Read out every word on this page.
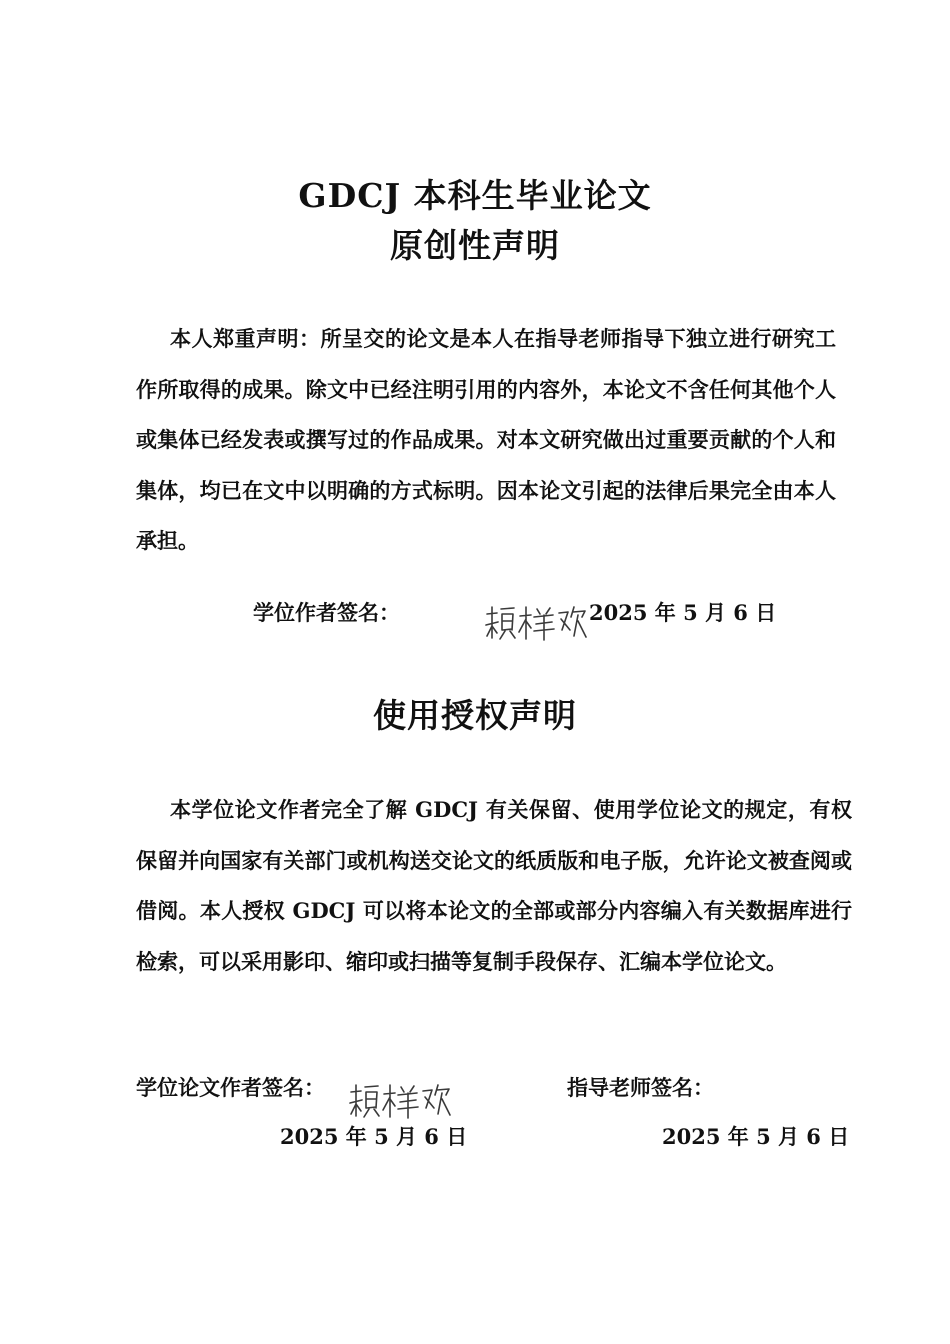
GDCJ 本科生毕业论文
原创性声明

本人郑重声明：所呈交的论文是本人在指导老师指导下独立进行研究工作所取得的成果。除文中已经注明引用的内容外，本论文不含任何其他个人或集体已经发表或撰写过的作品成果。对本文研究做出过重要贡献的个人和集体，均已在文中以明确的方式标明。因本论文引起的法律后果完全由本人承担。

学位作者签名：	2025 年 5 月 6 日
使用授权声明

本学位论文作者完全了解 GDCJ 有关保留、使用学位论文的规定，有权保留并向国家有关部门或机构送交论文的纸质版和电子版，允许论文被查阅或借阅。本人授权 GDCJ 可以将本论文的全部或部分内容编入有关数据库进行检索，可以采用影印、缩印或扫描等复制手段保存、汇编本学位论文。

学位论文作者签名：	指导老师签名：
2025 年 5 月 6 日	2025 年 5 月 6 日
